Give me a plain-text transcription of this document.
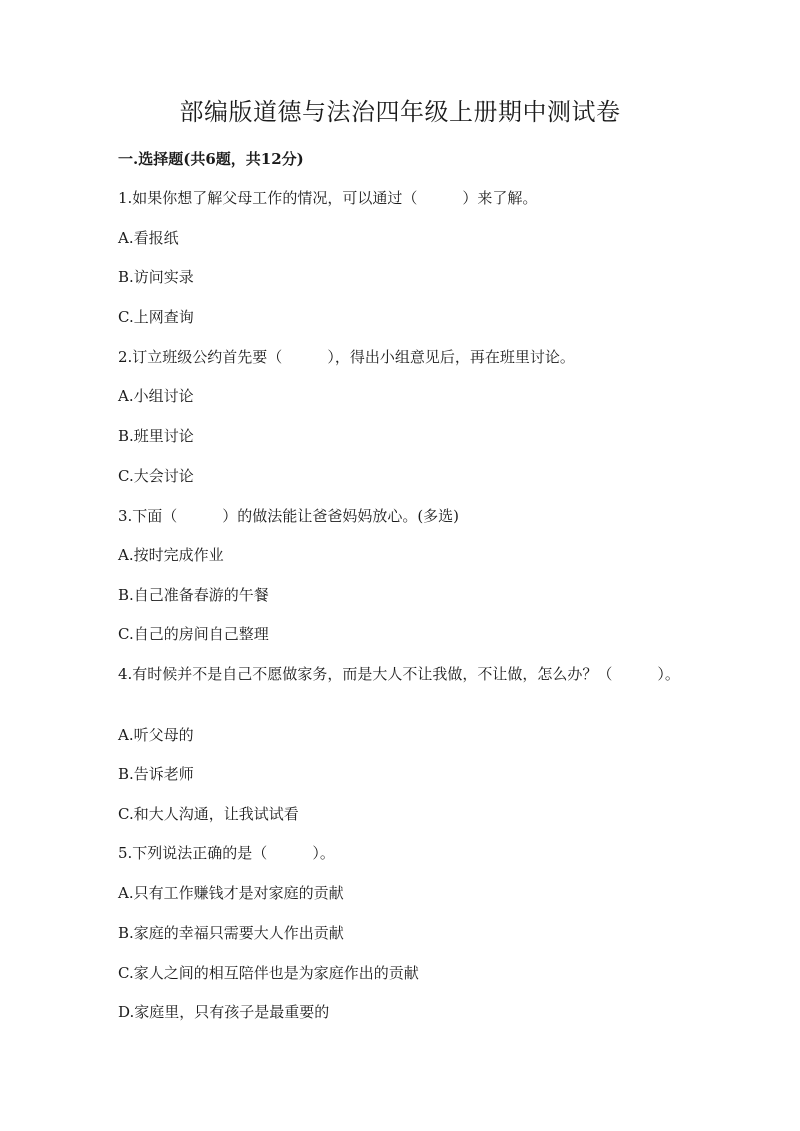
部编版道德与法治四年级上册期中测试卷

一.选择题(共6题，共12分)

1.如果你想了解父母工作的情况，可以通过（　　　）来了解。

A.看报纸

B.访问实录

C.上网查询

2.订立班级公约首先要（　　　），得出小组意见后，再在班里讨论。

A.小组讨论

B.班里讨论

C.大会讨论

3.下面（　　　）的做法能让爸爸妈妈放心。(多选)

A.按时完成作业

B.自己准备春游的午餐

C.自己的房间自己整理

4.有时候并不是自己不愿做家务，而是大人不让我做，不让做，怎么办？（　　　）。

A.听父母的

B.告诉老师

C.和大人沟通，让我试试看

5.下列说法正确的是（　　　）。

A.只有工作赚钱才是对家庭的贡献

B.家庭的幸福只需要大人作出贡献

C.家人之间的相互陪伴也是为家庭作出的贡献

D.家庭里，只有孩子是最重要的
